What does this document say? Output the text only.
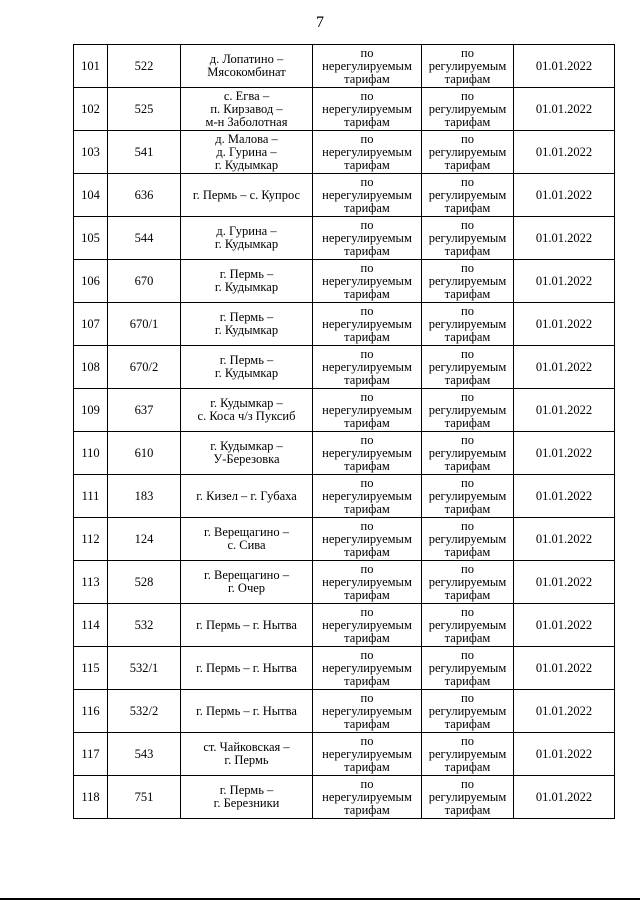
7
101	522	д. Лопатино –
Мясокомбинат	по
нерегулируемым
тарифам	по
регулируемым
тарифам	01.01.2022
102	525	с. Егва –
п. Кирзавод –
м-н Заболотная	по
нерегулируемым
тарифам	по
регулируемым
тарифам	01.01.2022
103	541	д. Малова –
д. Гурина –
г. Кудымкар	по
нерегулируемым
тарифам	по
регулируемым
тарифам	01.01.2022
104	636	г. Пермь – с. Купрос	по
нерегулируемым
тарифам	по
регулируемым
тарифам	01.01.2022
105	544	д. Гурина –
г. Кудымкар	по
нерегулируемым
тарифам	по
регулируемым
тарифам	01.01.2022
106	670	г. Пермь –
г. Кудымкар	по
нерегулируемым
тарифам	по
регулируемым
тарифам	01.01.2022
107	670/1	г. Пермь –
г. Кудымкар	по
нерегулируемым
тарифам	по
регулируемым
тарифам	01.01.2022
108	670/2	г. Пермь –
г. Кудымкар	по
нерегулируемым
тарифам	по
регулируемым
тарифам	01.01.2022
109	637	г. Кудымкар –
с. Коса ч/з Пуксиб	по
нерегулируемым
тарифам	по
регулируемым
тарифам	01.01.2022
110	610	г. Кудымкар –
У-Березовка	по
нерегулируемым
тарифам	по
регулируемым
тарифам	01.01.2022
111	183	г. Кизел – г. Губаха	по
нерегулируемым
тарифам	по
регулируемым
тарифам	01.01.2022
112	124	г. Верещагино –
с. Сива	по
нерегулируемым
тарифам	по
регулируемым
тарифам	01.01.2022
113	528	г. Верещагино –
г. Очер	по
нерегулируемым
тарифам	по
регулируемым
тарифам	01.01.2022
114	532	г. Пермь – г. Нытва	по
нерегулируемым
тарифам	по
регулируемым
тарифам	01.01.2022
115	532/1	г. Пермь – г. Нытва	по
нерегулируемым
тарифам	по
регулируемым
тарифам	01.01.2022
116	532/2	г. Пермь – г. Нытва	по
нерегулируемым
тарифам	по
регулируемым
тарифам	01.01.2022
117	543	ст. Чайковская –
г. Пермь	по
нерегулируемым
тарифам	по
регулируемым
тарифам	01.01.2022
118	751	г. Пермь –
г. Березники	по
нерегулируемым
тарифам	по
регулируемым
тарифам	01.01.2022
